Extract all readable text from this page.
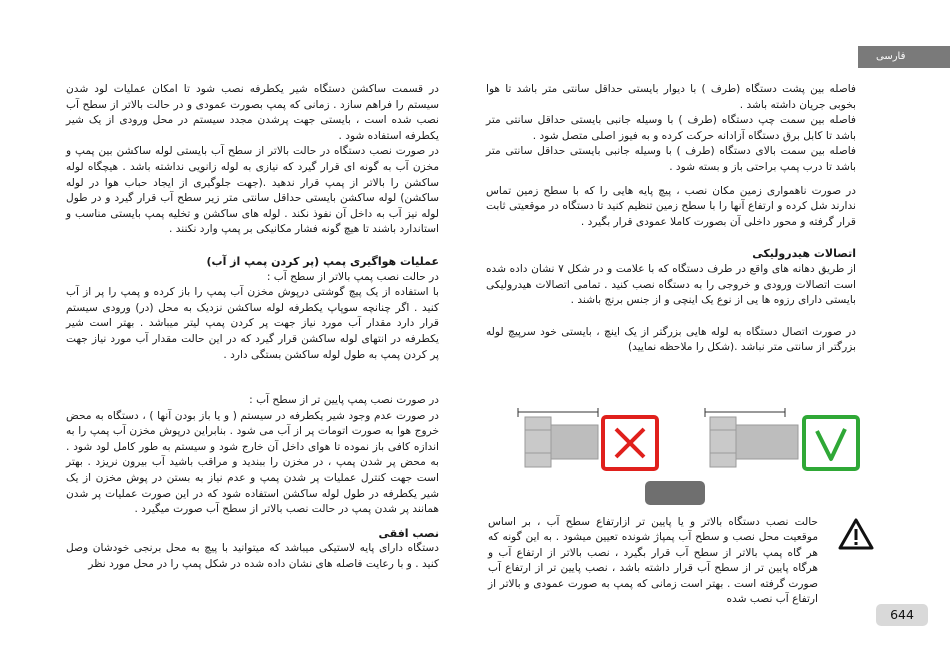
فارسی

فاصله بین پشت دستگاه (طرف ) با دیوار بایستی حداقل سانتی متر باشد تا هوا بخوبی جریان داشته باشد .

فاصله بین سمت چپ دستگاه (طرف ) با وسیله جانبی بایستی حداقل سانتی متر باشد تا کابل برق دستگاه آزادانه حرکت کرده و به فیوز اصلی متصل شود .

فاصله بین سمت بالای دستگاه (طرف ) با وسیله جانبی بایستی حداقل سانتی متر باشد تا درب پمپ براحتی باز و بسته شود .

در صورت ناهمواری زمین مکان نصب ، پیچ پایه هایی را که با سطح زمین تماس ندارند شل کرده و ارتفاع آنها را با سطح زمین تنظیم کنید تا دستگاه در موقعیتی ثابت قرار گرفته و محور داخلی آن بصورت کاملا عمودی قرار بگیرد .

اتصالات هیدرولیکی

از طریق دهانه های واقع در طرف دستگاه که با علامت و در شکل ۷ نشان داده شده است اتصالات ورودی و خروجی را به دستگاه نصب کنید . تمامی اتصالات هیدرولیکی بایستی دارای رزوه ها یی از نوع یک اینچی و از جنس برنج باشند .

در صورت اتصال دستگاه به لوله هایی بزرگتر از یک اینچ ، بایستی خود سرپیچ لوله بزرگتر از سانتی متر نباشد .(شکل را ملاحظه نمایید)

حالت نصب دستگاه بالاتر و یا پایین تر ازارتفاع سطح آب ، بر اساس موقعیت محل نصب و سطح آب پمپاژ شونده تعیین میشود . به این گونه که هر گاه پمپ بالاتر از سطح آب قرار بگیرد ، نصب بالاتر از ارتفاع آب و هرگاه پایین تر از سطح آب قرار داشته باشد ، نصب پایین تر از ارتفاع آب صورت گرفته است . بهتر است زمانی که پمپ به صورت عمودی و بالاتر از ارتفاع آب نصب شده

در قسمت ساکشن دستگاه شیر یکطرفه نصب شود تا امکان عملیات لود شدن سیستم را فراهم سازد . زمانی که پمپ بصورت عمودی و در حالت بالاتر از سطح آب نصب شده است ، بایستی جهت پرشدن مجدد سیستم در محل ورودی از یک شیر یکطرفه استفاده شود .

در صورت نصب دستگاه در حالت بالاتر از سطح آب بایستی لوله ساکشن بین پمپ و مخزن آب به گونه ای قرار گیرد که نیازی به لوله زانویی نداشته باشد . هیچگاه لوله ساکشن را بالاتر از پمپ قرار ندهید .(جهت جلوگیری از ایجاد حباب هوا در لوله ساکشن) لوله ساکشن بایستی حداقل سانتی متر زیر سطح آب قرار گیرد و در طول لوله نیز آب به داخل آن نفوذ نکند . لوله های ساکشن و تخلیه پمپ بایستی مناسب و استاندارد باشند تا هیچ گونه فشار مکانیکی بر پمپ وارد نکنند .

عملیات هواگیری پمپ (پر کردن پمپ از آب)

در حالت نصب پمپ بالاتر از سطح آب :

با استفاده از یک پیچ گوشتی درپوش مخزن آب پمپ را باز کرده و پمپ را پر از آب کنید . اگر چنانچه سوپاپ یکطرفه لوله ساکشن نزدیک به محل (در) ورودی سیستم قرار دارد مقدار آب مورد نیاز جهت پر کردن پمپ لیتر میباشد . بهتر است شیر یکطرفه در انتهای لوله ساکشن قرار گیرد که در این حالت مقدار آب مورد نیاز جهت پر کردن پمپ به طول لوله ساکشن بستگی دارد .

در صورت نصب پمپ پایین تر از سطح آب :

در صورت عدم وجود شیر یکطرفه در سیستم ( و یا باز بودن آنها ) ، دستگاه به محض خروج هوا به صورت اتومات پر از آب می شود . بنابراین درپوش مخزن آب پمپ را به اندازه کافی باز نموده تا هوای داخل آن خارج شود و سیستم به طور کامل لود شود . به محض پر شدن پمپ ، در مخزن را ببندید و مراقب باشید آب بیرون نریزد . بهتر است جهت کنترل عملیات پر شدن پمپ و عدم نیاز به بستن در پوش مخزن از یک شیر یکطرفه در طول لوله ساکشن استفاده شود که در این صورت عملیات پر شدن همانند پر شدن پمپ در حالت نصب بالاتر از سطح آب صورت میگیرد .

نصب افقی

دستگاه دارای پایه لاستیکی میباشد که میتوانید با پیچ به محل برنجی خودشان وصل کنید . و با رعایت فاصله های نشان داده شده در شکل پمپ را در محل مورد نظر

644
